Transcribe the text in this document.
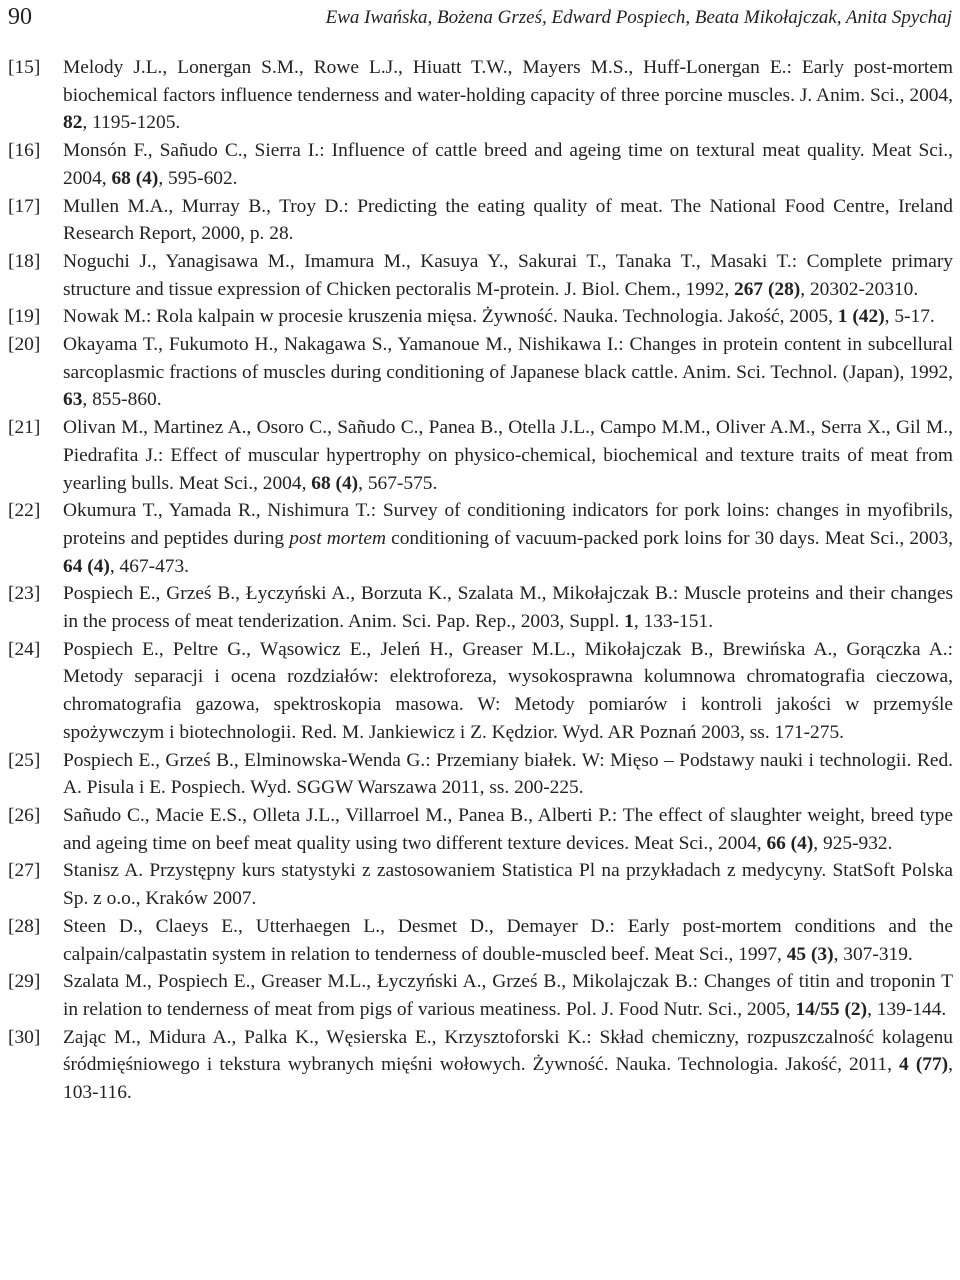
90	Ewa Iwańska, Bożena Grześ, Edward Pospiech, Beata Mikołajczak, Anita Spychaj
[15]	Melody J.L., Lonergan S.M., Rowe L.J., Hiuatt T.W., Mayers M.S., Huff-Lonergan E.: Early post-mortem biochemical factors influence tenderness and water-holding capacity of three porcine muscles. J. Anim. Sci., 2004, 82, 1195-1205.
[16]	Monsón F., Sañudo C., Sierra I.: Influence of cattle breed and ageing time on textural meat quality. Meat Sci., 2004, 68 (4), 595-602.
[17]	Mullen M.A., Murray B., Troy D.: Predicting the eating quality of meat. The National Food Centre, Ireland Research Report, 2000, p. 28.
[18]	Noguchi J., Yanagisawa M., Imamura M., Kasuya Y., Sakurai T., Tanaka T., Masaki T.: Complete primary structure and tissue expression of Chicken pectoralis M-protein. J. Biol. Chem., 1992, 267 (28), 20302-20310.
[19]	Nowak M.: Rola kalpain w procesie kruszenia mięsa. Żywność. Nauka. Technologia. Jakość, 2005, 1 (42), 5-17.
[20]	Okayama T., Fukumoto H., Nakagawa S., Yamanoue M., Nishikawa I.: Changes in protein content in subcellural sarcoplasmic fractions of muscles during conditioning of Japanese black cattle. Anim. Sci. Technol. (Japan), 1992, 63, 855-860.
[21]	Olivan M., Martinez A., Osoro C., Sañudo C., Panea B., Otella J.L., Campo M.M., Oliver A.M., Serra X., Gil M., Piedrafita J.: Effect of muscular hypertrophy on physico-chemical, biochemical and texture traits of meat from yearling bulls. Meat Sci., 2004, 68 (4), 567-575.
[22]	Okumura T., Yamada R., Nishimura T.: Survey of conditioning indicators for pork loins: changes in myofibrils, proteins and peptides during post mortem conditioning of vacuum-packed pork loins for 30 days. Meat Sci., 2003, 64 (4), 467-473.
[23]	Pospiech E., Grześ B., Łyczyński A., Borzuta K., Szalata M., Mikołajczak B.: Muscle proteins and their changes in the process of meat tenderization. Anim. Sci. Pap. Rep., 2003, Suppl. 1, 133-151.
[24]	Pospiech E., Peltre G., Wąsowicz E., Jeleń H., Greaser M.L., Mikołajczak B., Brewińska A., Gorączka A.: Metody separacji i ocena rozdziałów: elektroforeza, wysokosprawna kolumnowa chromatografia cieczowa, chromatografia gazowa, spektroskopia masowa. W: Metody pomiarów i kontroli jakości w przemyśle spożywczym i biotechnologii. Red. M. Jankiewicz i Z. Kędzior. Wyd. AR Poznań 2003, ss. 171-275.
[25]	Pospiech E., Grześ B., Elminowska-Wenda G.: Przemiany białek. W: Mięso – Podstawy nauki i technologii. Red. A. Pisula i E. Pospiech. Wyd. SGGW Warszawa 2011, ss. 200-225.
[26]	Sañudo C., Macie E.S., Olleta J.L., Villarroel M., Panea B., Alberti P.: The effect of slaughter weight, breed type and ageing time on beef meat quality using two different texture devices. Meat Sci., 2004, 66 (4), 925-932.
[27]	Stanisz A. Przystępny kurs statystyki z zastosowaniem Statistica Pl na przykładach z medycyny. StatSoft Polska Sp. z o.o., Kraków 2007.
[28]	Steen D., Claeys E., Utterhaegen L., Desmet D., Demayer D.: Early post-mortem conditions and the calpain/calpastatin system in relation to tenderness of double-muscled beef. Meat Sci., 1997, 45 (3), 307-319.
[29]	Szalata M., Pospiech E., Greaser M.L., Łyczyński A., Grześ B., Mikolajczak B.: Changes of titin and troponin T in relation to tenderness of meat from pigs of various meatiness. Pol. J. Food Nutr. Sci., 2005, 14/55 (2), 139-144.
[30]	Zając M., Midura A., Palka K., Węsierska E., Krzysztoforski K.: Skład chemiczny, rozpuszczalność kolagenu śródmięśniowego i tekstura wybranych mięśni wołowych. Żywność. Nauka. Technologia. Jakość, 2011, 4 (77), 103-116.
